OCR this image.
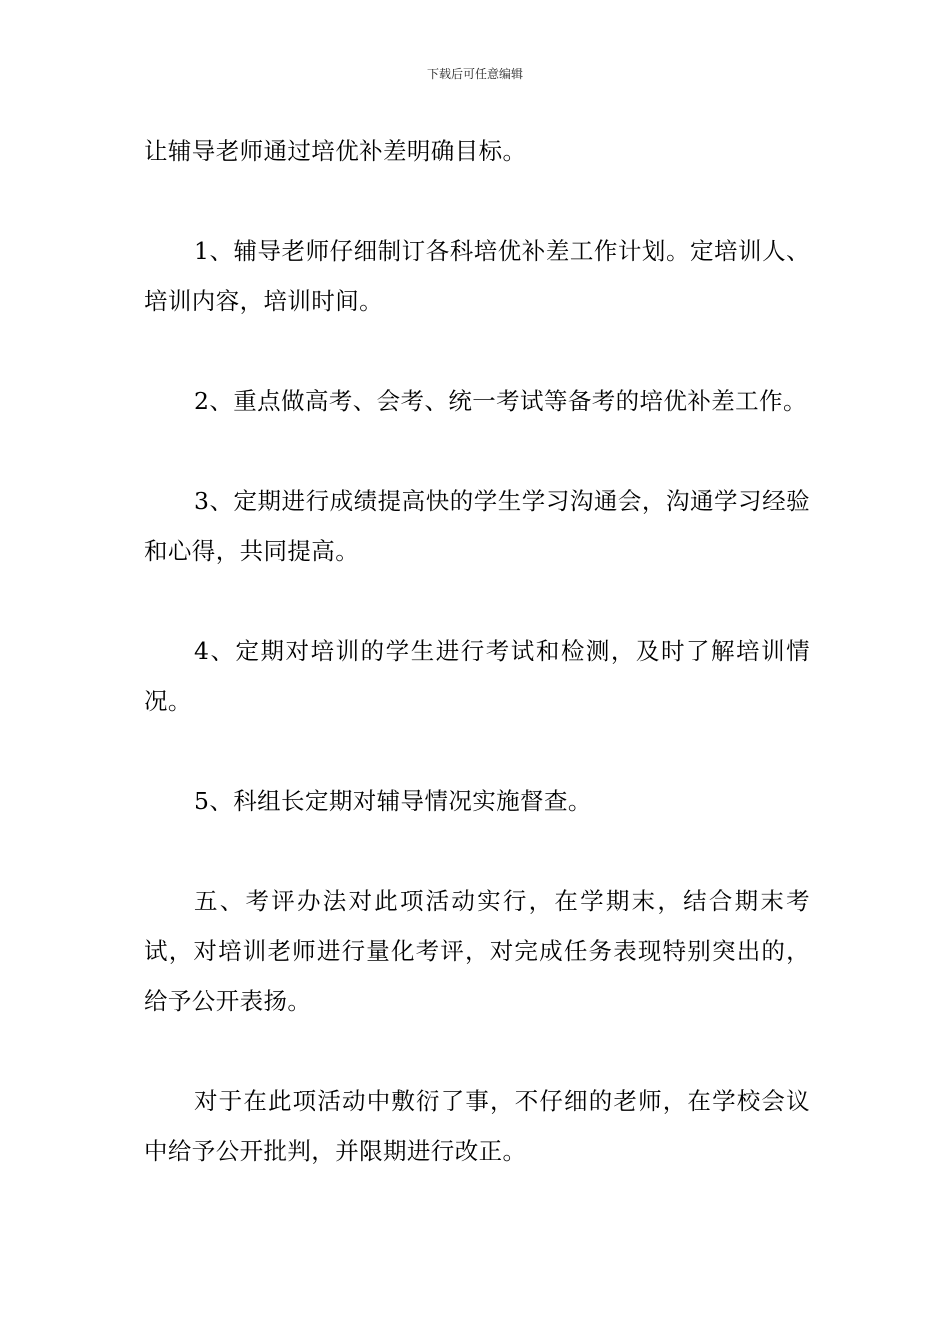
下载后可任意编辑

让辅导老师通过培优补差明确目标。

1、辅导老师仔细制订各科培优补差工作计划。定培训人、培训内容，培训时间。

2、重点做高考、会考、统一考试等备考的培优补差工作。

3、定期进行成绩提高快的学生学习沟通会，沟通学习经验和心得，共同提高。

4、定期对培训的学生进行考试和检测，及时了解培训情况。

5、科组长定期对辅导情况实施督查。

五、考评办法对此项活动实行，在学期末，结合期末考试，对培训老师进行量化考评，对完成任务表现特别突出的，给予公开表扬。

对于在此项活动中敷衍了事，不仔细的老师，在学校会议中给予公开批判，并限期进行改正。
